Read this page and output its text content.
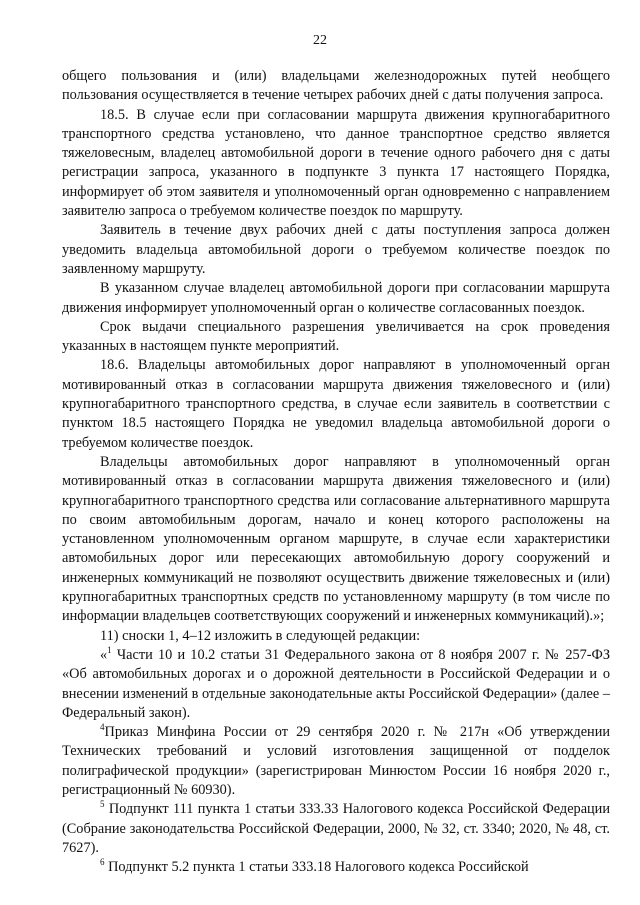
22

общего пользования и (или) владельцами железнодорожных путей необщего пользования осуществляется в течение четырех рабочих дней с даты получения запроса.

18.5. В случае если при согласовании маршрута движения крупногабаритного транспортного средства установлено, что данное транспортное средство является тяжеловесным, владелец автомобильной дороги в течение одного рабочего дня с даты регистрации запроса, указанного в подпункте 3 пункта 17 настоящего Порядка, информирует об этом заявителя и уполномоченный орган одновременно с направлением заявителю запроса о требуемом количестве поездок по маршруту.

Заявитель в течение двух рабочих дней с даты поступления запроса должен уведомить владельца автомобильной дороги о требуемом количестве поездок по заявленному маршруту.

В указанном случае владелец автомобильной дороги при согласовании маршрута движения информирует уполномоченный орган о количестве согласованных поездок.

Срок выдачи специального разрешения увеличивается на срок проведения указанных в настоящем пункте мероприятий.

18.6. Владельцы автомобильных дорог направляют в уполномоченный орган мотивированный отказ в согласовании маршрута движения тяжеловесного и (или) крупногабаритного транспортного средства, в случае если заявитель в соответствии с пунктом 18.5 настоящего Порядка не уведомил владельца автомобильной дороги о требуемом количестве поездок.

Владельцы автомобильных дорог направляют в уполномоченный орган мотивированный отказ в согласовании маршрута движения тяжеловесного и (или) крупногабаритного транспортного средства или согласование альтернативного маршрута по своим автомобильным дорогам, начало и конец которого расположены на установленном уполномоченным органом маршруте, в случае если характеристики автомобильных дорог или пересекающих автомобильную дорогу сооружений и инженерных коммуникаций не позволяют осуществить движение тяжеловесных и (или) крупногабаритных транспортных средств по установленному маршруту (в том числе по информации владельцев соответствующих сооружений и инженерных коммуникаций).»;

11) сноски 1, 4–12 изложить в следующей редакции:

«$^1$ Части 10 и 10.2 статьи 31 Федерального закона от 8 ноября 2007 г. № 257-ФЗ «Об автомобильных дорогах и о дорожной деятельности в Российской Федерации и о внесении изменений в отдельные законодательные акты Российской Федерации» (далее – Федеральный закон).

$^4$Приказ Минфина России от 29 сентября 2020 г. № 217н «Об утверждении Технических требований и условий изготовления защищенной от подделок полиграфической продукции» (зарегистрирован Минюстом России 16 ноября 2020 г., регистрационный № 60930).

$^5$ Подпункт 111 пункта 1 статьи 333.33 Налогового кодекса Российской Федерации (Собрание законодательства Российской Федерации, 2000, № 32, ст. 3340; 2020, № 48, ст. 7627).

$^6$ Подпункт 5.2 пункта 1 статьи 333.18 Налогового кодекса Российской
